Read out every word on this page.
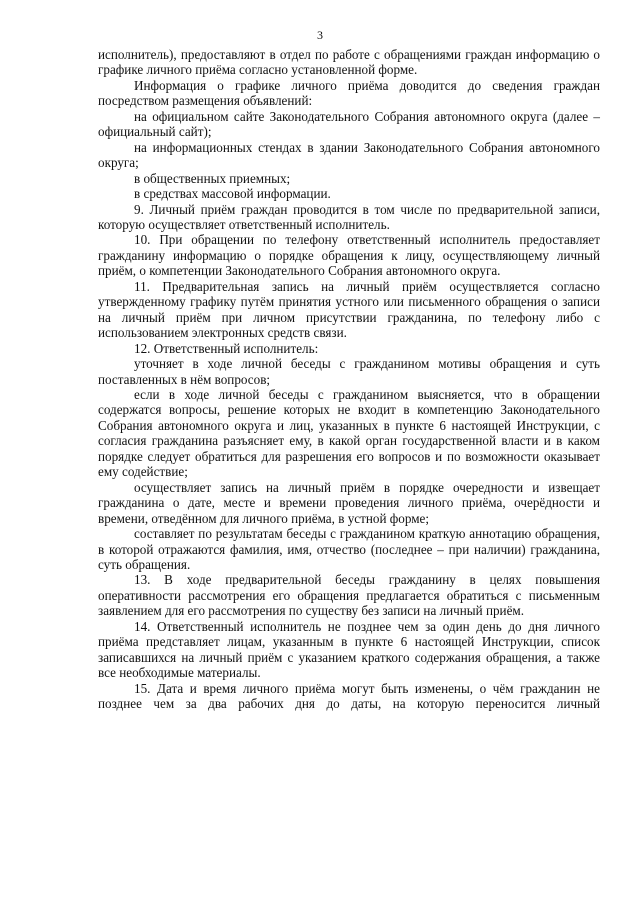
3

исполнитель), предоставляют в отдел по работе с обращениями граждан информацию о графике личного приёма согласно установленной форме.

Информация о графике личного приёма доводится до сведения граждан посредством размещения объявлений:

на официальном сайте Законодательного Собрания автономного округа (далее – официальный сайт);

на информационных стендах в здании Законодательного Собрания автономного округа;

в общественных приемных;

в средствах массовой информации.

9. Личный приём граждан проводится в том числе по предварительной записи, которую осуществляет ответственный исполнитель.

10. При обращении по телефону ответственный исполнитель предоставляет гражданину информацию о порядке обращения к лицу, осуществляющему личный приём, о компетенции Законодательного Собрания автономного округа.

11. Предварительная запись на личный приём осуществляется согласно утвержденному графику путём принятия устного или письменного обращения о записи на личный приём при личном присутствии гражданина, по телефону либо с использованием электронных средств связи.

12. Ответственный исполнитель:

уточняет в ходе личной беседы с гражданином мотивы обращения и суть поставленных в нём вопросов;

если в ходе личной беседы с гражданином выясняется, что в обращении содержатся вопросы, решение которых не входит в компетенцию Законодательного Собрания автономного округа и лиц, указанных в пункте 6 настоящей Инструкции, с согласия гражданина разъясняет ему, в какой орган государственной власти и в каком порядке следует обратиться для разрешения его вопросов и по возможности оказывает ему содействие;

осуществляет запись на личный приём в порядке очередности и извещает гражданина о дате, месте и времени проведения личного приёма, очерёдности и времени, отведённом для личного приёма, в устной форме;

составляет по результатам беседы с гражданином краткую аннотацию обращения, в которой отражаются фамилия, имя, отчество (последнее – при наличии) гражданина, суть обращения.

13. В ходе предварительной беседы гражданину в целях повышения оперативности рассмотрения его обращения предлагается обратиться с письменным заявлением для его рассмотрения по существу без записи на личный приём.

14. Ответственный исполнитель не позднее чем за один день до дня личного приёма представляет лицам, указанным в пункте 6 настоящей Инструкции, список записавшихся на личный приём с указанием краткого содержания обращения, а также все необходимые материалы.

15. Дата и время личного приёма могут быть изменены, о чём гражданин не позднее чем за два рабочих дня до даты, на которую переносится личный
